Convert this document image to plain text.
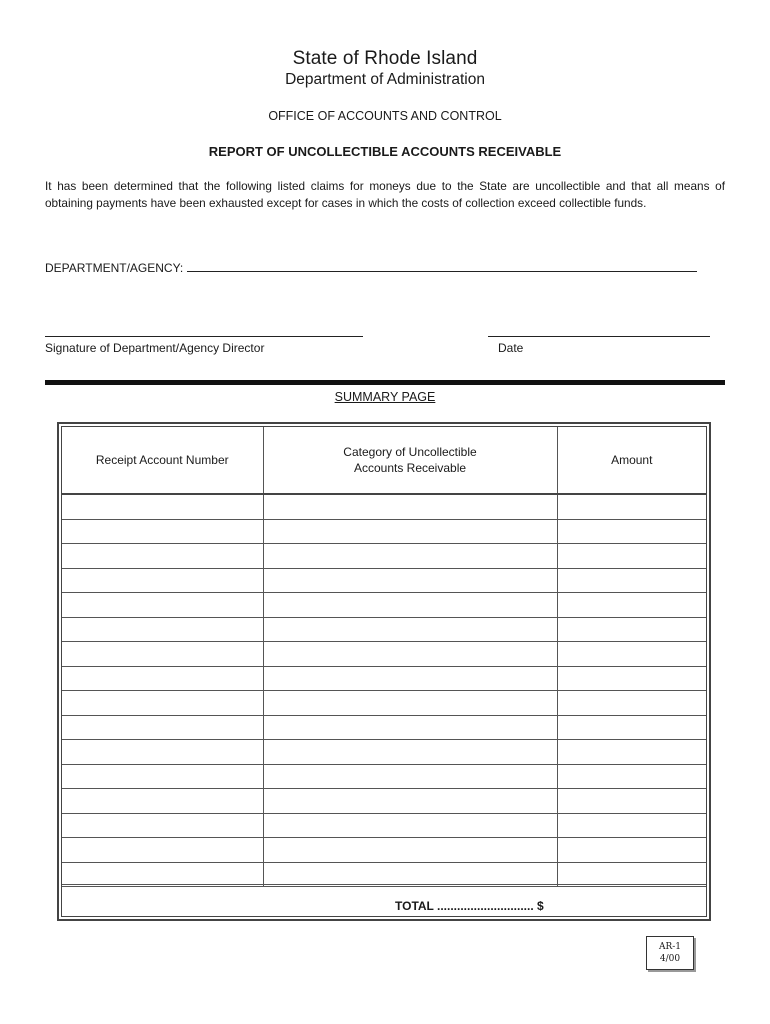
State of Rhode Island
Department of Administration
OFFICE OF ACCOUNTS AND CONTROL
REPORT OF UNCOLLECTIBLE ACCOUNTS RECEIVABLE
It has been determined that the following listed claims for moneys due to the State are uncollectible and that all means of obtaining payments have been exhausted except for cases in which the costs of collection exceed collectible funds.
DEPARTMENT/AGENCY:
Signature of Department/Agency Director	Date
SUMMARY PAGE
Receipt Account Number	Category of Uncollectible Accounts Receivable	Amount

TOTAL ............................. $
AR-1
4/00
